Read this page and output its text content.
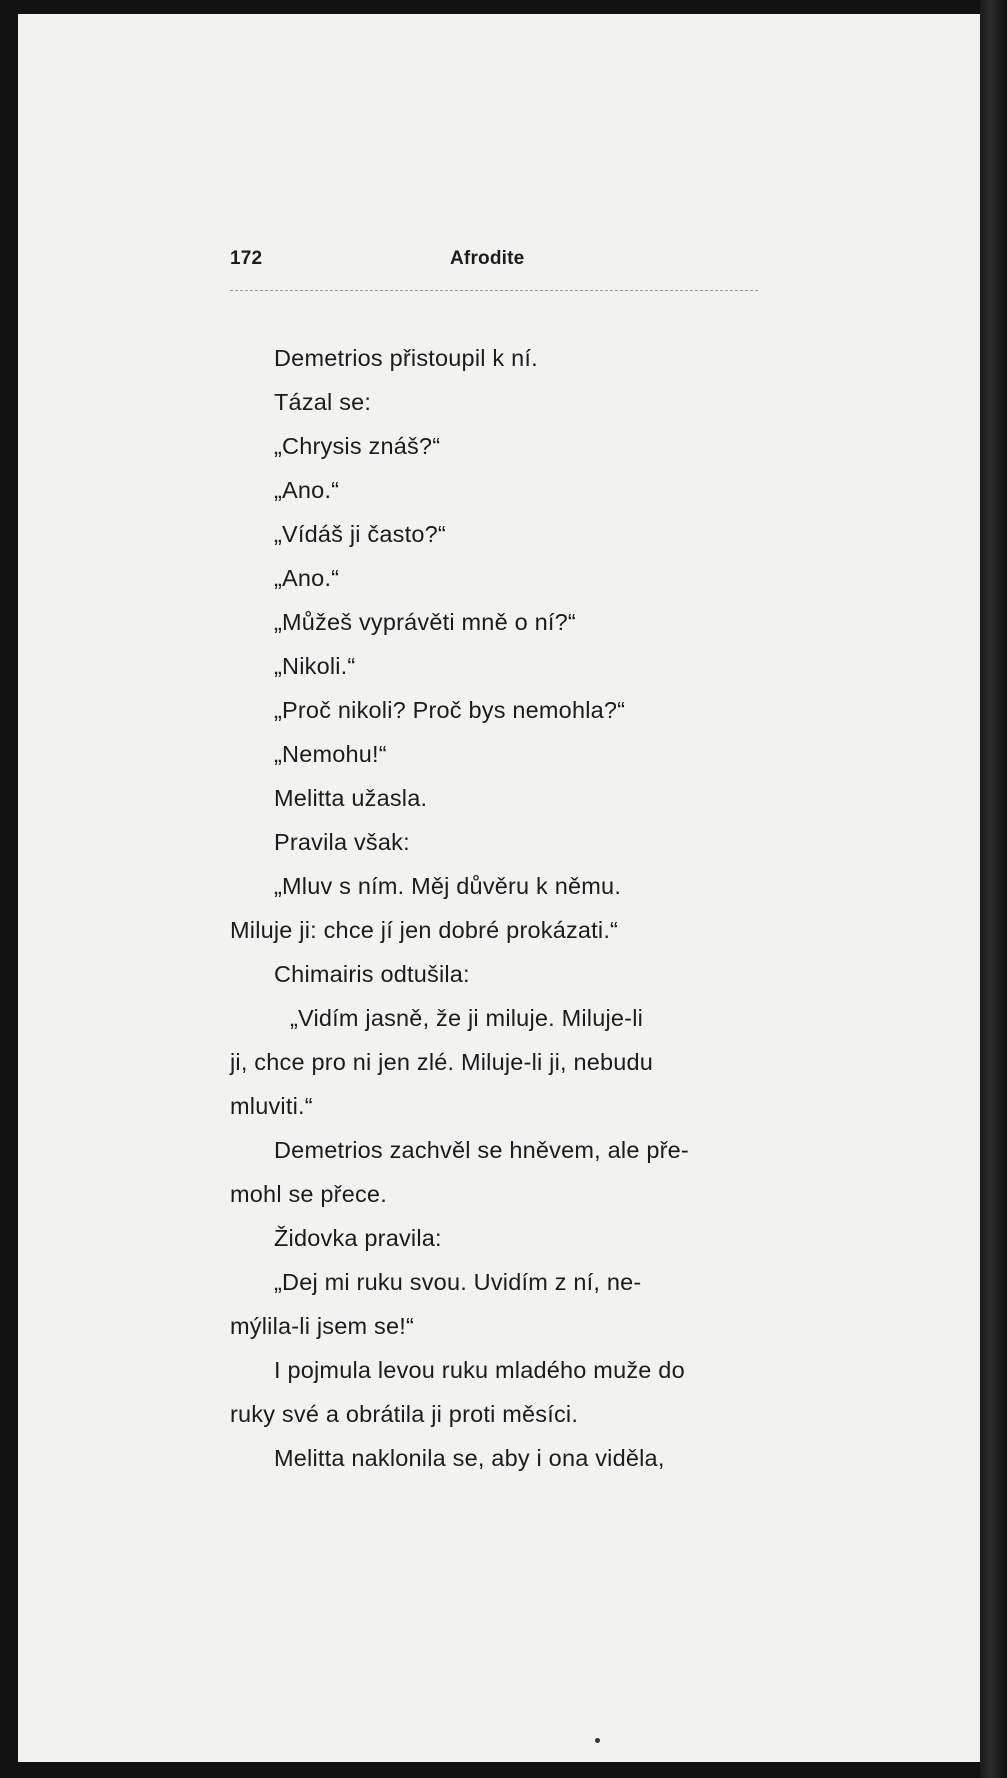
172	Afrodite
Demetrios přistoupil k ní.
Tázal se:
„Chrysis znáš?“
„Ano.“
„Vídáš ji často?“
„Ano.“
„Můžeš vyprávěti mně o ní?“
„Nikoli.“
„Proč nikoli? Proč bys nemohla?“
„Nemohu!“
Melitta užasla.
Pravila však:
„Mluv s ním. Měj důvěru k němu.
Miluje ji: chce jí jen dobré prokázati.“
Chimairis odtušila:
„Vidím jasně, že ji miluje. Miluje-li
ji, chce pro ni jen zlé. Miluje-li ji, nebudu
mluviti.“
Demetrios zachvěl se hněvem, ale pře-
mohl se přece.
Židovka pravila:
„Dej mi ruku svou. Uvidím z ní, ne-
mýlila-li jsem se!“
I pojmula levou ruku mladého muže do
ruky své a obrátila ji proti měsíci.
Melitta naklonila se, aby i ona viděla,
